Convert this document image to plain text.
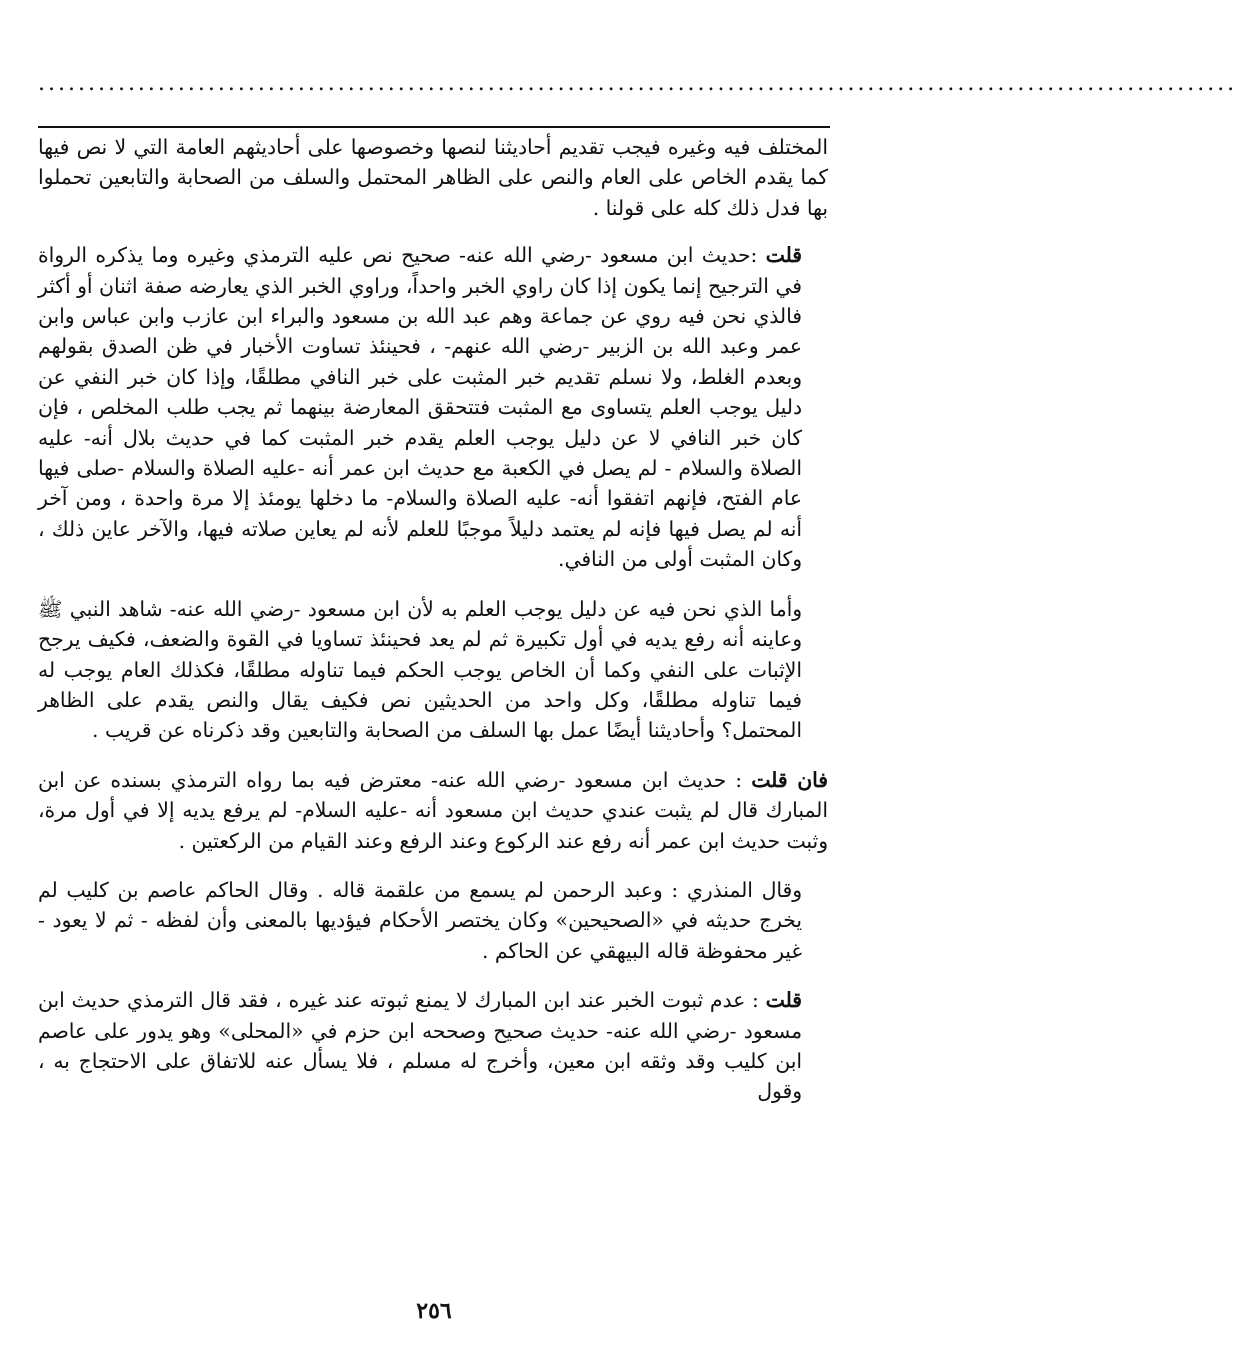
........................................................................................................................

المختلف فيه وغيره فيجب تقديم أحاديثنا لنصها وخصوصها على أحاديثهم العامة التي لا نص فيها كما يقدم الخاص على العام والنص على الظاهر المحتمل والسلف من الصحابة والتابعين تحملوا بها فدل ذلك كله على قولنا .

قلت :حديث ابن مسعود -رضي الله عنه- صحيح نص عليه الترمذي وغيره وما يذكره الرواة في الترجيح إنما يكون إذا كان راوي الخبر واحداً، وراوي الخبر الذي يعارضه صفة اثنان أو أكثر فالذي نحن فيه روي عن جماعة وهم عبد الله بن مسعود والبراء ابن عازب وابن عباس وابن عمر وعبد الله بن الزبير -رضي الله عنهم- ، فحينئذ تساوت الأخبار في ظن الصدق بقولهم وبعدم الغلط، ولا نسلم تقديم خبر المثبت على خبر النافي مطلقًا، وإذا كان خبر النفي عن دليل يوجب العلم يتساوى مع المثبت فتتحقق المعارضة بينهما ثم يجب طلب المخلص ، فإن كان خبر النافي لا عن دليل يوجب العلم يقدم خبر المثبت كما في حديث بلال أنه- عليه الصلاة والسلام - لم يصل في الكعبة مع حديث ابن عمر أنه -عليه الصلاة والسلام -صلى فيها عام الفتح، فإنهم اتفقوا أنه- عليه الصلاة والسلام- ما دخلها يومئذ إلا مرة واحدة ، ومن آخر أنه لم يصل فيها فإنه لم يعتمد دليلاً موجبًا للعلم لأنه لم يعاين صلاته فيها، والآخر عاين ذلك ، وكان المثبت أولى من النافي.

وأما الذي نحن فيه عن دليل يوجب العلم به لأن ابن مسعود -رضي الله عنه- شاهد النبي ﷺ وعاينه أنه رفع يديه في أول تكبيرة ثم لم يعد فحينئذ تساويا في القوة والضعف، فكيف يرجح الإثبات على النفي وكما أن الخاص يوجب الحكم فيما تناوله مطلقًا، فكذلك العام يوجب له فيما تناوله مطلقًا، وكل واحد من الحديثين نص فكيف يقال والنص يقدم على الظاهر المحتمل؟ وأحاديثنا أيضًا عمل بها السلف من الصحابة والتابعين وقد ذكرناه عن قريب .

فان قلت : حديث ابن مسعود -رضي الله عنه- معترض فيه بما رواه الترمذي بسنده عن ابن المبارك قال لم يثبت عندي حديث ابن مسعود أنه -عليه السلام- لم يرفع يديه إلا في أول مرة، وثبت حديث ابن عمر أنه رفع عند الركوع وعند الرفع وعند القيام من الركعتين .

وقال المنذري : وعبد الرحمن لم يسمع من علقمة قاله . وقال الحاكم عاصم بن كليب لم يخرج حديثه في «الصحيحين» وكان يختصر الأحكام فيؤديها بالمعنى وأن لفظه - ثم لا يعود - غير محفوظة قاله البيهقي عن الحاكم .

قلت : عدم ثبوت الخبر عند ابن المبارك لا يمنع ثبوته عند غيره ، فقد قال الترمذي حديث ابن مسعود -رضي الله عنه- حديث صحيح وصححه ابن حزم في «المحلى» وهو يدور على عاصم ابن كليب وقد وثقه ابن معين، وأخرج له مسلم ، فلا يسأل عنه للاتفاق على الاحتجاج به ، وقول

٢٥٦
